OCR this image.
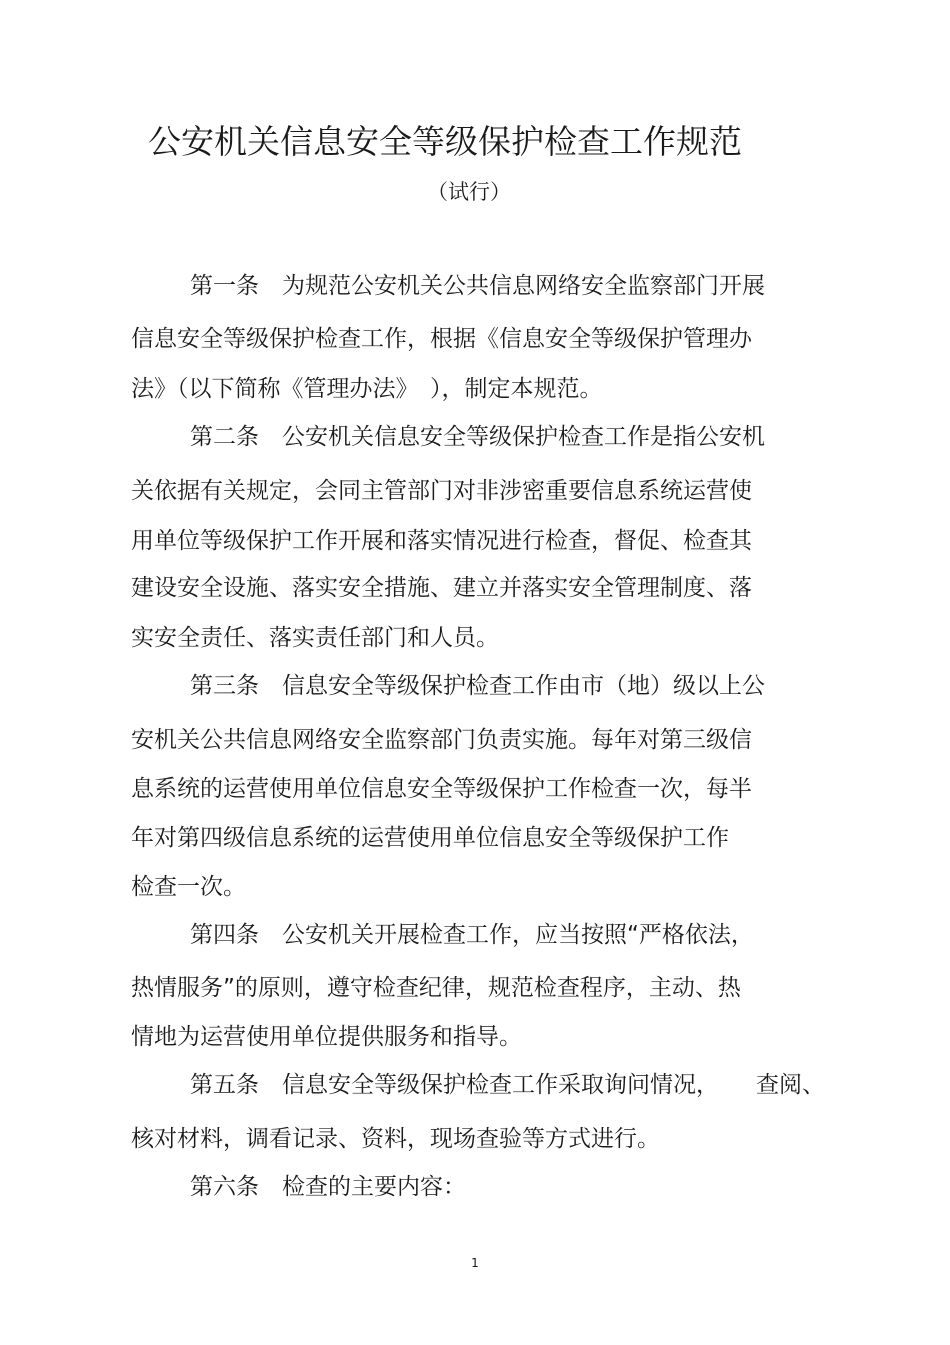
公安机关信息安全等级保护检查工作规范
（试行）
第一条　为规范公安机关公共信息网络安全监察部门开展
信息安全等级保护检查工作，根据《信息安全等级保护管理办
法》（以下简称《管理办法》　），制定本规范。
第二条　公安机关信息安全等级保护检查工作是指公安机
关依据有关规定，会同主管部门对非涉密重要信息系统运营使
用单位等级保护工作开展和落实情况进行检查，督促、检查其
建设安全设施、落实安全措施、建立并落实安全管理制度、落
实安全责任、落实责任部门和人员。
第三条　信息安全等级保护检查工作由市（地）级以上公
安机关公共信息网络安全监察部门负责实施。每年对第三级信
息系统的运营使用单位信息安全等级保护工作检查一次，每半
年对第四级信息系统的运营使用单位信息安全等级保护工作
检查一次。
第四条　公安机关开展检查工作，应当按照“严格依法，
热情服务”的原则，遵守检查纪律，规范检查程序，主动、热
情地为运营使用单位提供服务和指导。
第五条　信息安全等级保护检查工作采取询问情况， 查阅、
核对材料，调看记录、资料，现场查验等方式进行。
第六条　检查的主要内容：
1
